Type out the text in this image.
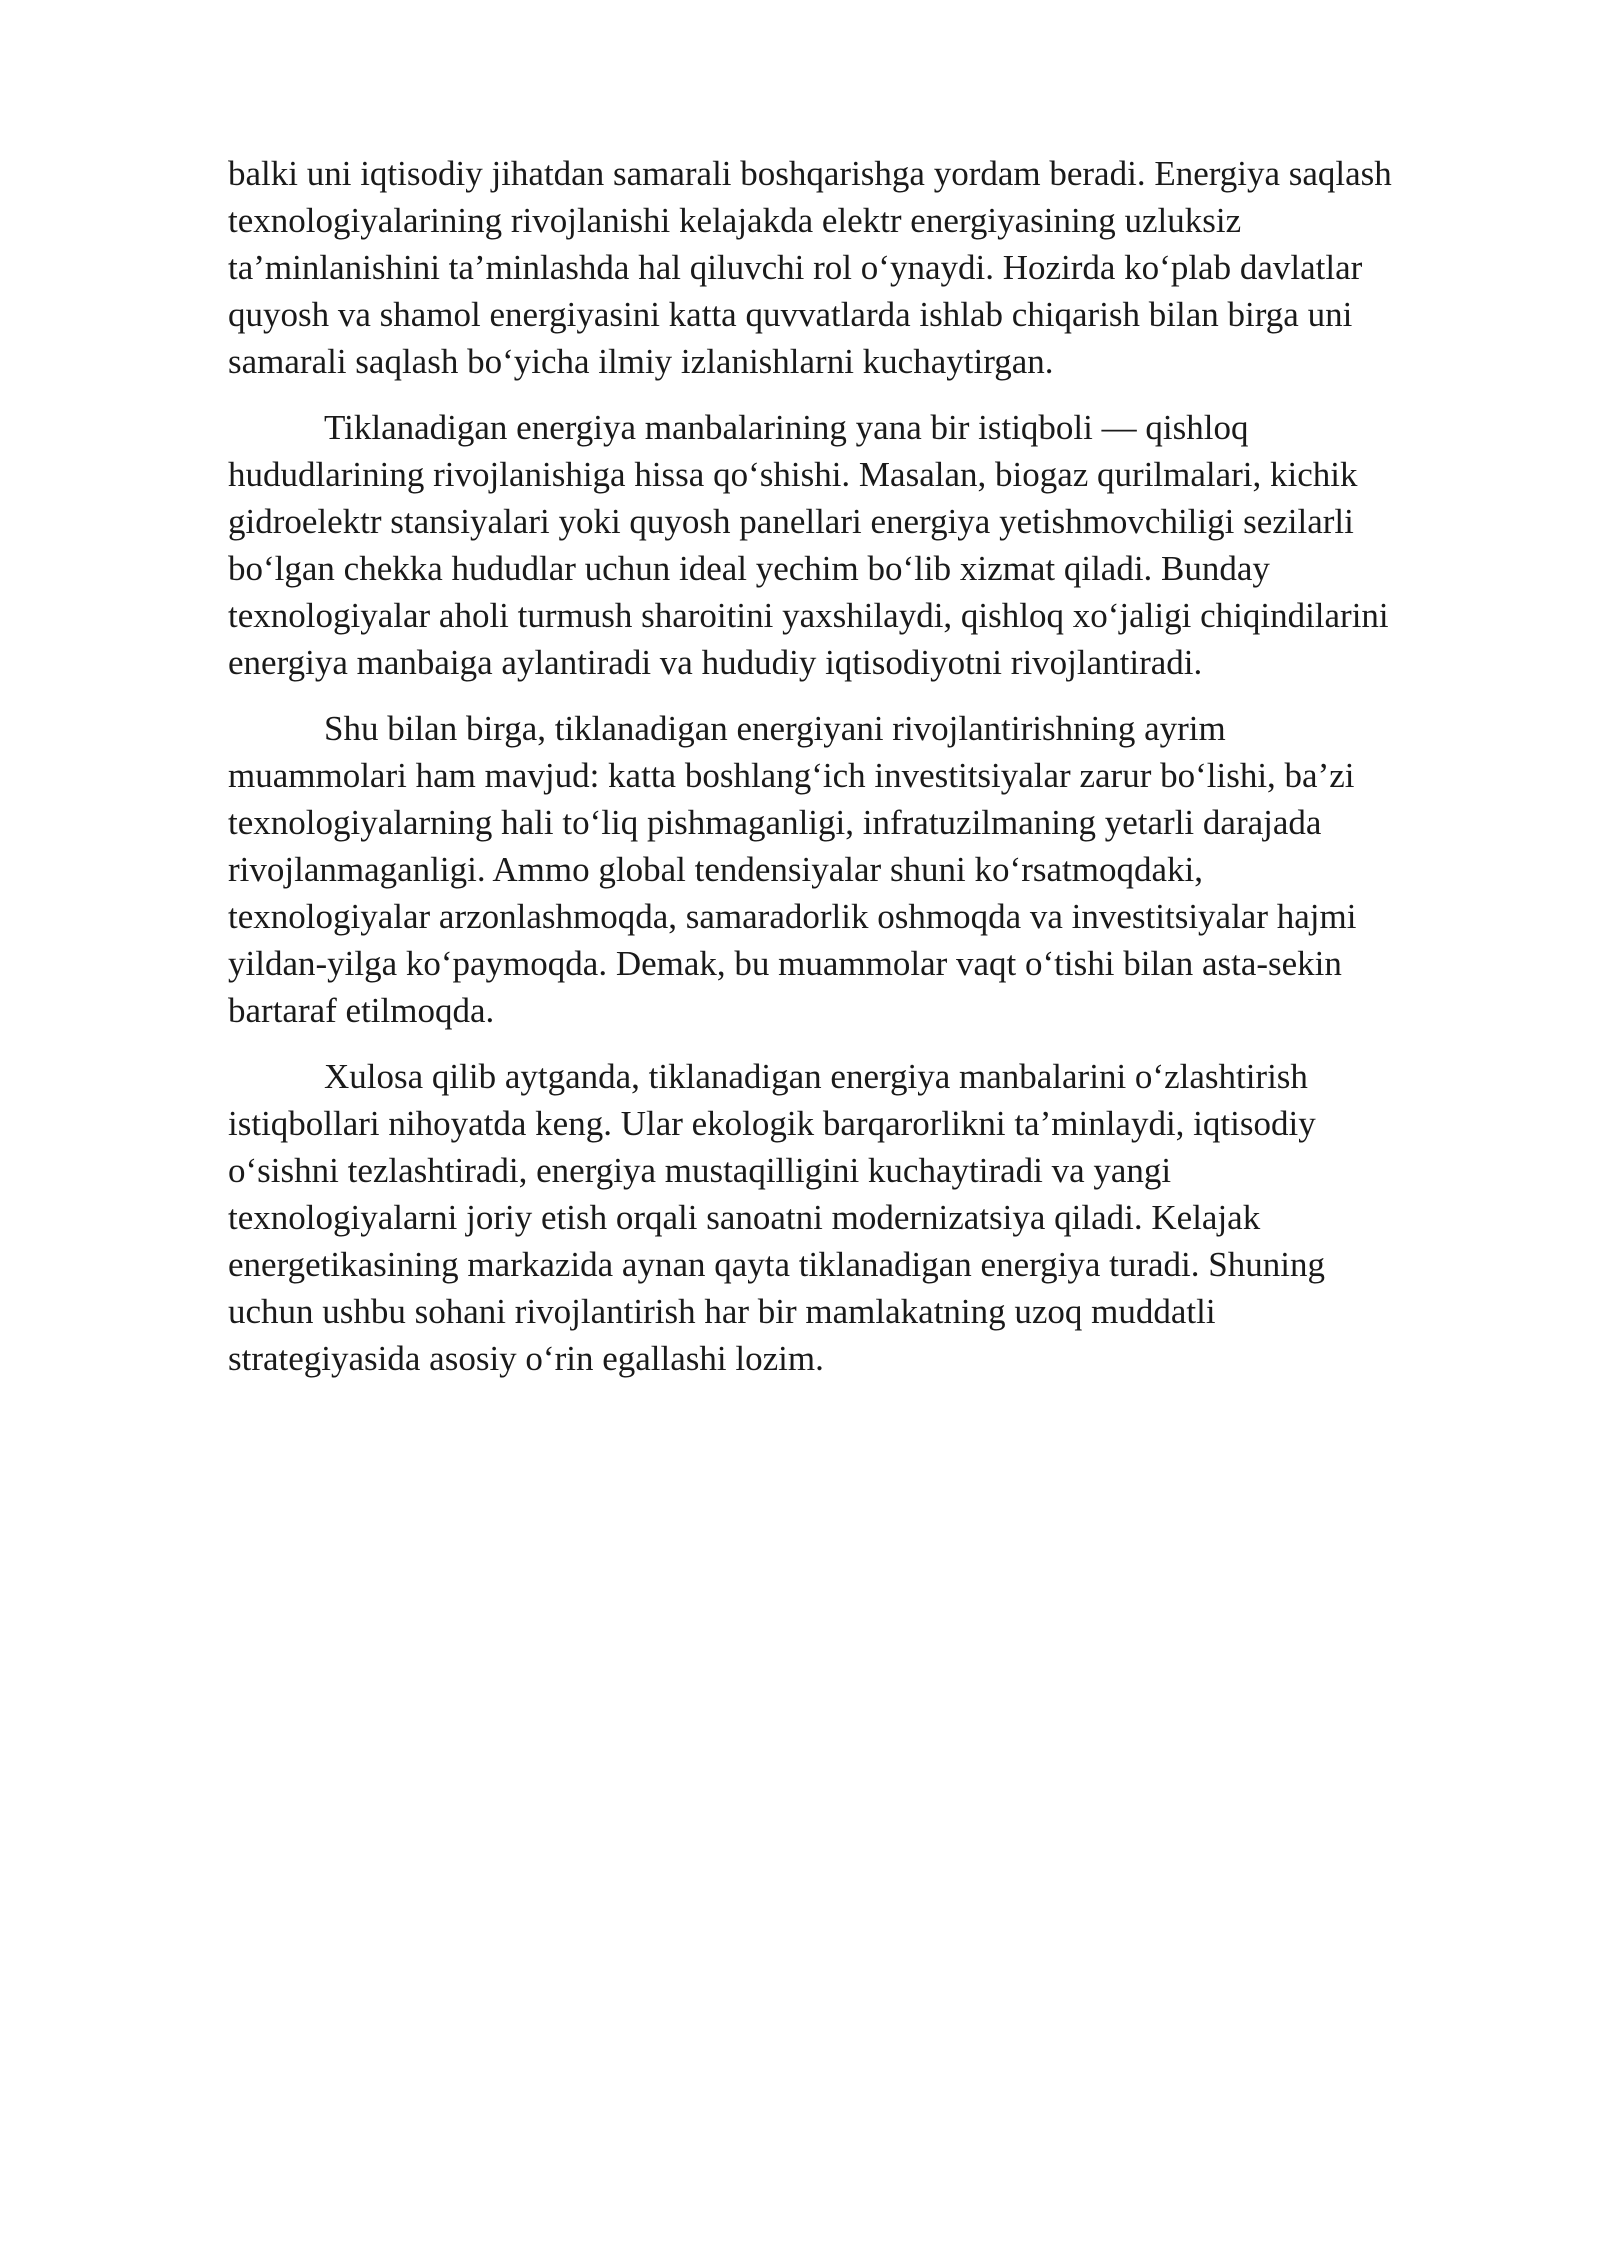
balki uni iqtisodiy jihatdan samarali boshqarishga yordam beradi. Energiya saqlash
texnologiyalarining rivojlanishi kelajakda elektr energiyasining uzluksiz
ta’minlanishini ta’minlashda hal qiluvchi rol o‘ynaydi. Hozirda ko‘plab davlatlar
quyosh va shamol energiyasini katta quvvatlarda ishlab chiqarish bilan birga uni
samarali saqlash bo‘yicha ilmiy izlanishlarni kuchaytirgan.

Tiklanadigan energiya manbalarining yana bir istiqboli — qishloq
hududlarining rivojlanishiga hissa qo‘shishi. Masalan, biogaz qurilmalari, kichik
gidroelektr stansiyalari yoki quyosh panellari energiya yetishmovchiligi sezilarli
bo‘lgan chekka hududlar uchun ideal yechim bo‘lib xizmat qiladi. Bunday
texnologiyalar aholi turmush sharoitini yaxshilaydi, qishloq xo‘jaligi chiqindilarini
energiya manbaiga aylantiradi va hududiy iqtisodiyotni rivojlantiradi.

Shu bilan birga, tiklanadigan energiyani rivojlantirishning ayrim
muammolari ham mavjud: katta boshlang‘ich investitsiyalar zarur bo‘lishi, ba’zi
texnologiyalarning hali to‘liq pishmaganligi, infratuzilmaning yetarli darajada
rivojlanmaganligi. Ammo global tendensiyalar shuni ko‘rsatmoqdaki,
texnologiyalar arzonlashmoqda, samaradorlik oshmoqda va investitsiyalar hajmi
yildan-yilga ko‘paymoqda. Demak, bu muammolar vaqt o‘tishi bilan asta-sekin
bartaraf etilmoqda.

Xulosa qilib aytganda, tiklanadigan energiya manbalarini o‘zlashtirish
istiqbollari nihoyatda keng. Ular ekologik barqarorlikni ta’minlaydi, iqtisodiy
o‘sishni tezlashtiradi, energiya mustaqilligini kuchaytiradi va yangi
texnologiyalarni joriy etish orqali sanoatni modernizatsiya qiladi. Kelajak
energetikasining markazida aynan qayta tiklanadigan energiya turadi. Shuning
uchun ushbu sohani rivojlantirish har bir mamlakatning uzoq muddatli
strategiyasida asosiy o‘rin egallashi lozim.
